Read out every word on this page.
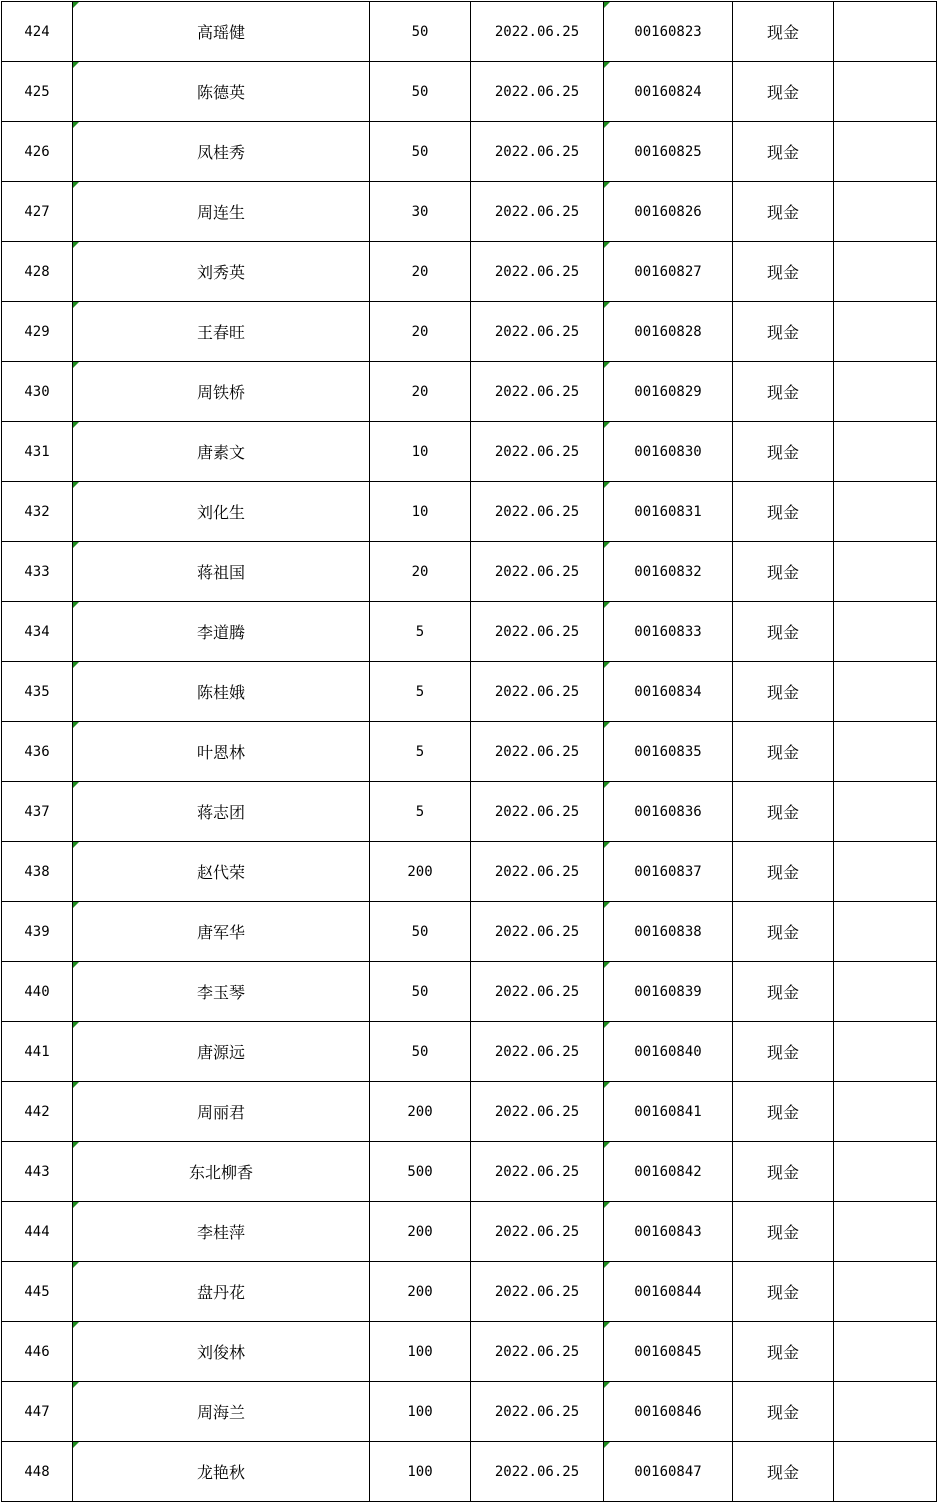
424	高瑶健	50	2022.06.25	00160823	现金	
425	陈德英	50	2022.06.25	00160824	现金	
426	凤桂秀	50	2022.06.25	00160825	现金	
427	周连生	30	2022.06.25	00160826	现金	
428	刘秀英	20	2022.06.25	00160827	现金	
429	王春旺	20	2022.06.25	00160828	现金	
430	周铁桥	20	2022.06.25	00160829	现金	
431	唐素文	10	2022.06.25	00160830	现金	
432	刘化生	10	2022.06.25	00160831	现金	
433	蒋祖国	20	2022.06.25	00160832	现金	
434	李道腾	5	2022.06.25	00160833	现金	
435	陈桂娥	5	2022.06.25	00160834	现金	
436	叶恩林	5	2022.06.25	00160835	现金	
437	蒋志团	5	2022.06.25	00160836	现金	
438	赵代荣	200	2022.06.25	00160837	现金	
439	唐军华	50	2022.06.25	00160838	现金	
440	李玉琴	50	2022.06.25	00160839	现金	
441	唐源远	50	2022.06.25	00160840	现金	
442	周丽君	200	2022.06.25	00160841	现金	
443	东北柳香	500	2022.06.25	00160842	现金	
444	李桂萍	200	2022.06.25	00160843	现金	
445	盘丹花	200	2022.06.25	00160844	现金	
446	刘俊林	100	2022.06.25	00160845	现金	
447	周海兰	100	2022.06.25	00160846	现金	
448	龙艳秋	100	2022.06.25	00160847	现金	
